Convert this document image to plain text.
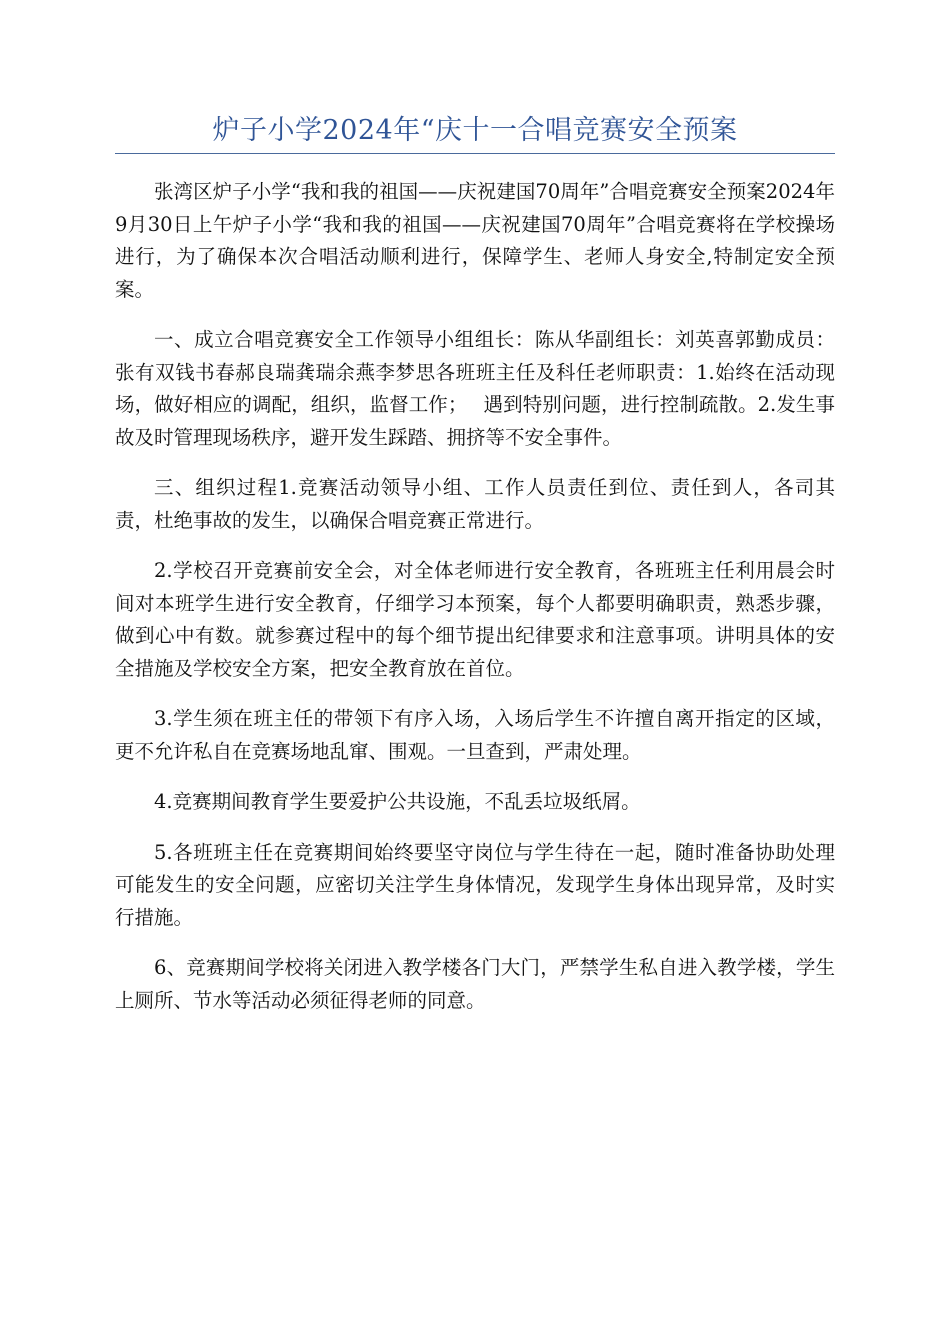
炉子小学2024年“庆十一合唱竞赛安全预案

张湾区炉子小学“我和我的祖国——庆祝建国70周年”合唱竞赛安全预案2024年9月30日上午炉子小学“我和我的祖国——庆祝建国70周年”合唱竞赛将在学校操场进行，为了确保本次合唱活动顺利进行，保障学生、老师人身安全,特制定安全预案。

一、成立合唱竞赛安全工作领导小组组长：陈从华副组长：刘英喜郭勤成员：张有双钱书春郝良瑞龚瑞余燕李梦思各班班主任及科任老师职责：1.始终在活动现场，做好相应的调配，组织，监督工作；　 遇到特别问题，进行控制疏散。2.发生事故及时管理现场秩序，避开发生踩踏、拥挤等不安全事件。

三、组织过程1.竞赛活动领导小组、工作人员责任到位、责任到人，各司其责，杜绝事故的发生，以确保合唱竞赛正常进行。

2.学校召开竞赛前安全会，对全体老师进行安全教育，各班班主任利用晨会时间对本班学生进行安全教育，仔细学习本预案，每个人都要明确职责，熟悉步骤，做到心中有数。就参赛过程中的每个细节提出纪律要求和注意事项。讲明具体的安全措施及学校安全方案，把安全教育放在首位。

3.学生须在班主任的带领下有序入场，入场后学生不许擅自离开指定的区域，更不允许私自在竞赛场地乱窜、围观。一旦查到，严肃处理。

4.竞赛期间教育学生要爱护公共设施，不乱丢垃圾纸屑。

5.各班班主任在竞赛期间始终要坚守岗位与学生待在一起，随时准备协助处理可能发生的安全问题，应密切关注学生身体情况，发现学生身体出现异常，及时实行措施。

6、竞赛期间学校将关闭进入教学楼各门大门，严禁学生私自进入教学楼，学生上厕所、节水等活动必须征得老师的同意。
